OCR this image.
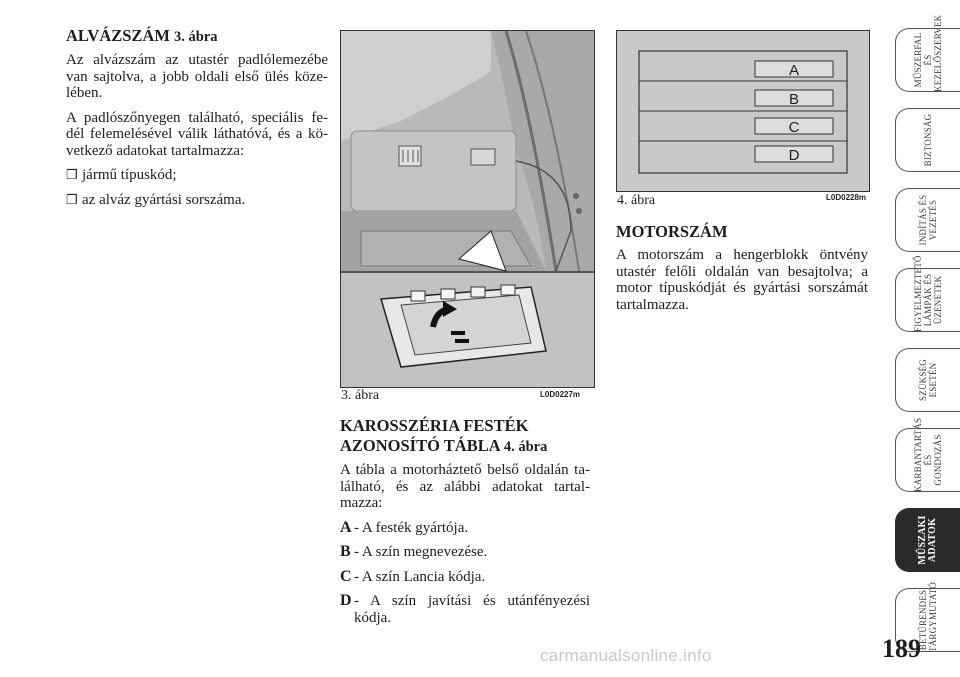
ALVÁZSZÁM 3. ábra
Az alvázszám az utastér padlólemezébe van sajtolva, a jobb oldali első ülés köze-lében.
A padlószőnyegen található, speciális fe-dél felemelésével válik láthatóvá, és a kö-vetkező adatokat tartalmazza:
❒ jármű típuskód;
❒ az alváz gyártási sorszáma.
3. ábra	L0D0227m
KAROSSZÉRIA FESTÉK
AZONOSÍTÓ TÁBLA 4. ábra
A tábla a motorháztető belső oldalán ta-lálható, és az alábbi adatokat tartal-mazza:
A - A festék gyártója.
B - A szín megnevezése.
C - A szín Lancia kódja.
D - A szín javítási és utánfényezési kódja.
A
B
C
D
4. ábra	L0D0228m
MOTORSZÁM
A motorszám a hengerblokk öntvény utastér felőli oldalán van besajtolva; a motor típuskódját és gyártási sorszámát tartalmazza.
MŰSZERFAL
ÉS
KEZELŐSZERVEK
BIZTONSÁG
INDÍTÁS ÉS
VEZETÉS
FIGYELMEZTETŐ
LÁMPÁK ÉS
ÜZENETEK
SZÜKSÉG
ESETÉN
KARBANTARTÁS
ÉS GONDOZÁS
MŰSZAKI
ADATOK
BETŰRENDES
TÁRGYMUTATÓ
189
carmanualsonline.info
